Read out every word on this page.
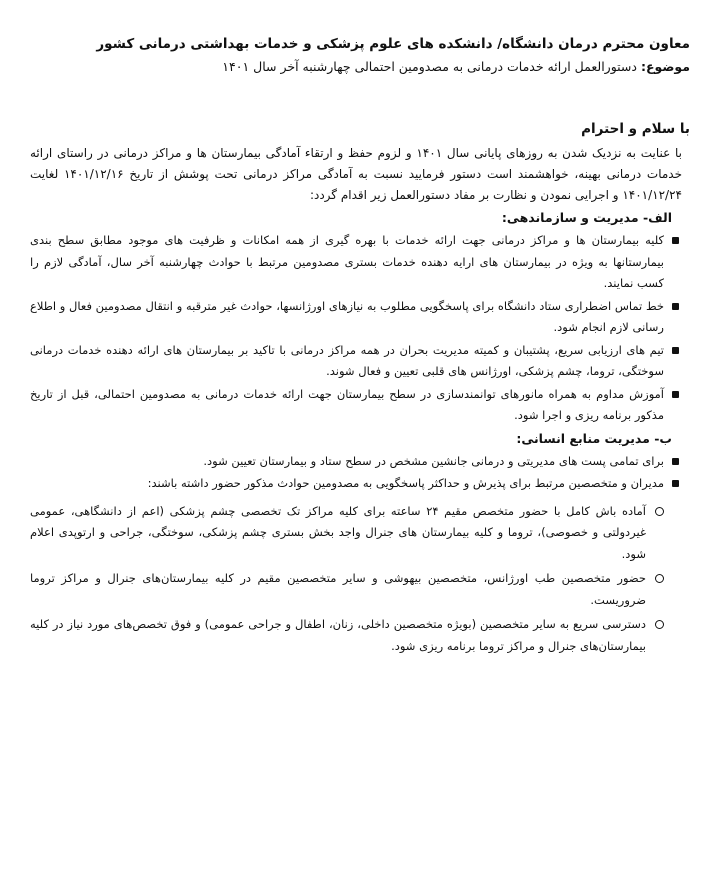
معاون محترم درمان دانشگاه/ دانشکده های علوم پزشکی و خدمات بهداشتی درمانی کشور

موضوع: دستورالعمل ارائه خدمات درمانی به مصدومین احتمالی چهارشنبه آخر سال ۱۴۰۱

با سلام و احترام

با عنایت به نزدیک شدن به روزهای پایانی سال ۱۴۰۱ و لزوم حفظ و ارتقاء آمادگی بیمارستان ها و مراکز درمانی در راستای ارائه خدمات درمانی بهینه، خواهشمند است دستور فرمایید نسبت به آمادگی مراکز درمانی تحت پوشش از تاریخ ۱۴۰۱/۱۲/۱۶ لغایت ۱۴۰۱/۱۲/۲۴ و اجرایی نمودن و نظارت بر مفاد دستورالعمل زیر اقدام گردد:

الف- مدیریت و سازماندهی:

کلیه بیمارستان ها و مراکز درمانی جهت ارائه خدمات با بهره گیری از همه امکانات و ظرفیت های موجود مطابق سطح بندی بیمارستانها به ویژه در بیمارستان های ارایه دهنده خدمات بستری مصدومین مرتبط با حوادث چهارشنبه آخر سال، آمادگی لازم را کسب نمایند.
خط تماس اضطراری ستاد دانشگاه برای پاسخگویی مطلوب به نیازهای اورژانسها، حوادث غیر مترقبه و انتقال مصدومین فعال و اطلاع رسانی لازم انجام شود.
تیم های ارزیابی سریع، پشتیبان و کمیته مدیریت بحران در همه مراکز درمانی با تاکید بر بیمارستان های ارائه دهنده خدمات درمانی سوختگی، تروما، چشم پزشکی، اورژانس های قلبی تعیین و فعال شوند.
آموزش مداوم به همراه مانورهای توانمندسازی در سطح بیمارستان جهت ارائه خدمات درمانی به مصدومین احتمالی، قبل از تاریخ مذکور برنامه ریزی و اجرا شود.

ب- مدیریت منابع انسانی:

برای تمامی پست های مدیریتی و درمانی جانشین مشخص در سطح ستاد و بیمارستان تعیین شود.
مدیران و متخصصین مرتبط برای پذیرش و حداکثر پاسخگویی به مصدومین حوادث مذکور حضور داشته باشند:
آماده باش کامل با حضور متخصص مقیم ۲۴ ساعته برای کلیه مراکز تک تخصصی چشم پزشکی (اعم از دانشگاهی، عمومی غیردولتی و خصوصی)، تروما و کلیه بیمارستان های جنرال واجد بخش بستری چشم پزشکی، سوختگی، جراحی و ارتوپدی اعلام شود.
حضور متخصصین طب اورژانس، متخصصین بیهوشی و سایر متخصصین مقیم در کلیه بیمارستان‌های جنرال و مراکز تروما ضروریست.
دسترسی سریع به سایر متخصصین (بویژه متخصصین داخلی، زنان، اطفال و جراحی عمومی) و فوق تخصص‌های مورد نیاز در کلیه بیمارستان‌های جنرال و مراکز تروما برنامه ریزی شود.
